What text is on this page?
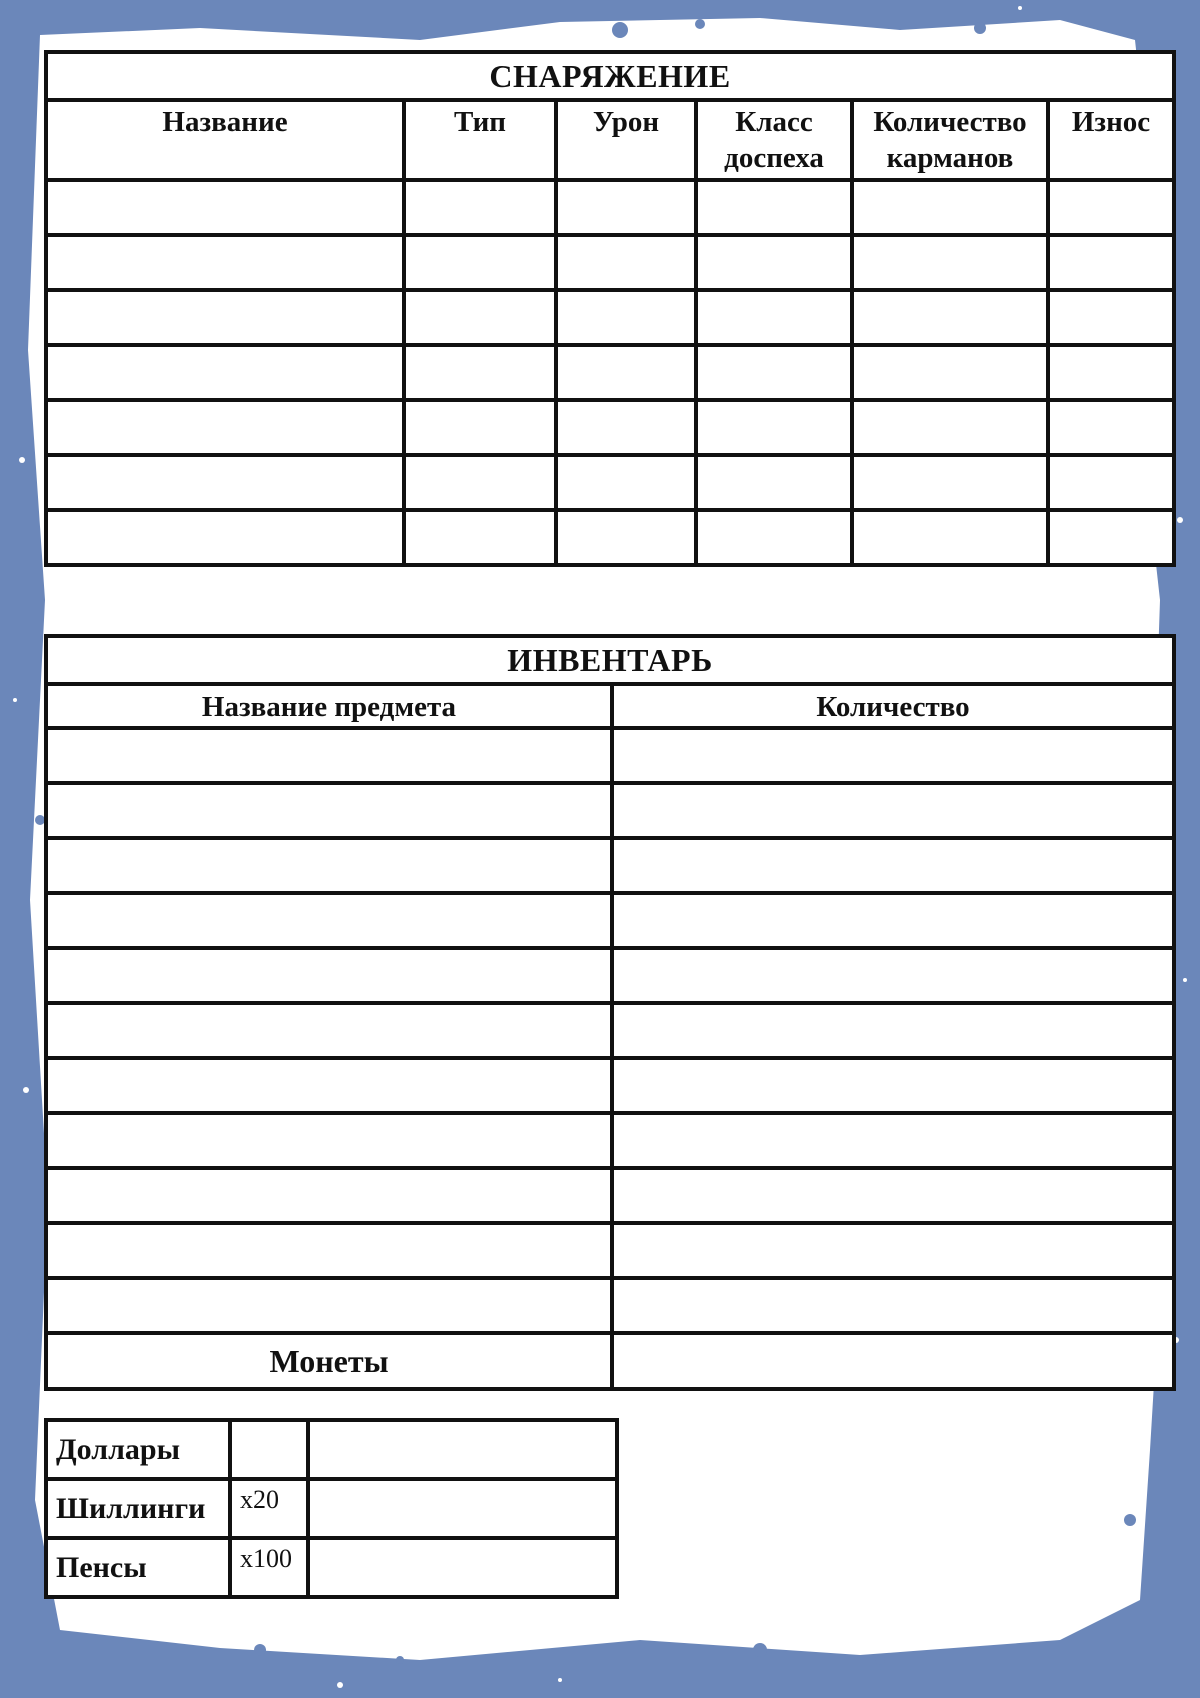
СНАРЯЖЕНИЕ					
Название	Тип	Урон	Класс доспеха	Количество карманов	Износ

ИНВЕНТАРЬ	
Название предмета	Количество

Монеты	
Доллары		
Шиллинги	x20	
Пенсы	x100	
